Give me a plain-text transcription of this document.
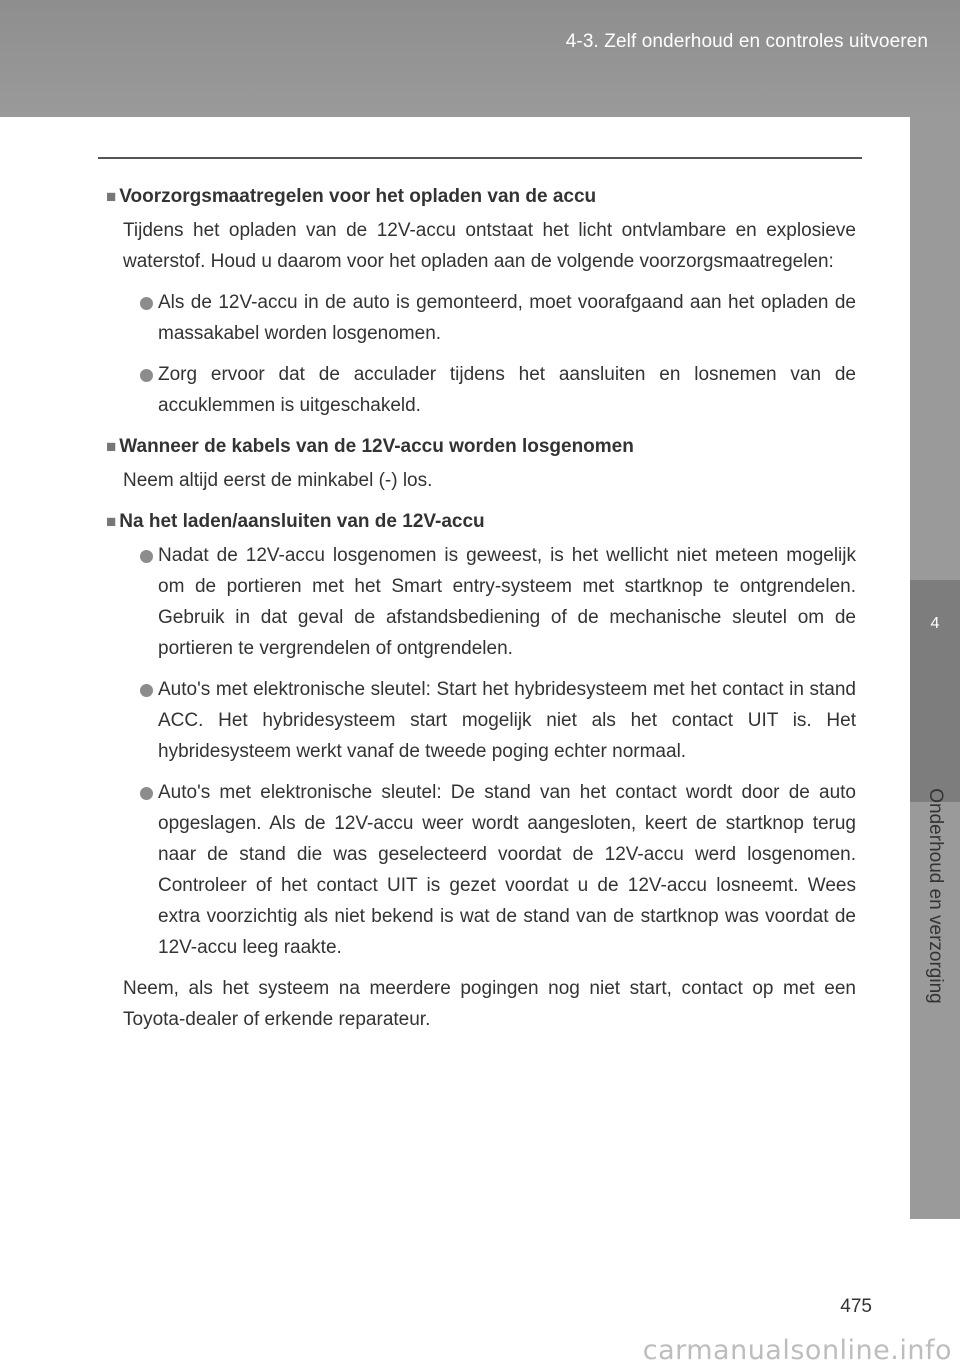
4-3. Zelf onderhoud en controles uitvoeren
4
Onderhoud en verzorging
■ Voorzorgsmaatregelen voor het opladen van de accu
Tijdens het opladen van de 12V-accu ontstaat het licht ontvlambare en explosieve waterstof. Houd u daarom voor het opladen aan de volgende voorzorgsmaatregelen:
Als de 12V-accu in de auto is gemonteerd, moet voorafgaand aan het opladen de massakabel worden losgenomen.
Zorg ervoor dat de acculader tijdens het aansluiten en losnemen van de accuklemmen is uitgeschakeld.
■ Wanneer de kabels van de 12V-accu worden losgenomen
Neem altijd eerst de minkabel (-) los.
■ Na het laden/aansluiten van de 12V-accu
Nadat de 12V-accu losgenomen is geweest, is het wellicht niet meteen mogelijk om de portieren met het Smart entry-systeem met startknop te ontgrendelen. Gebruik in dat geval de afstandsbediening of de mechanische sleutel om de portieren te vergrendelen of ontgrendelen.
Auto's met elektronische sleutel: Start het hybridesysteem met het contact in stand ACC. Het hybridesysteem start mogelijk niet als het contact UIT is. Het hybridesysteem werkt vanaf de tweede poging echter normaal.
Auto's met elektronische sleutel: De stand van het contact wordt door de auto opgeslagen. Als de 12V-accu weer wordt aangesloten, keert de startknop terug naar de stand die was geselecteerd voordat de 12V-accu werd losgenomen. Controleer of het contact UIT is gezet voordat u de 12V-accu losneemt. Wees extra voorzichtig als niet bekend is wat de stand van de startknop was voordat de 12V-accu leeg raakte.
Neem, als het systeem na meerdere pogingen nog niet start, contact op met een Toyota-dealer of erkende reparateur.
475
carmanualsonline.info
